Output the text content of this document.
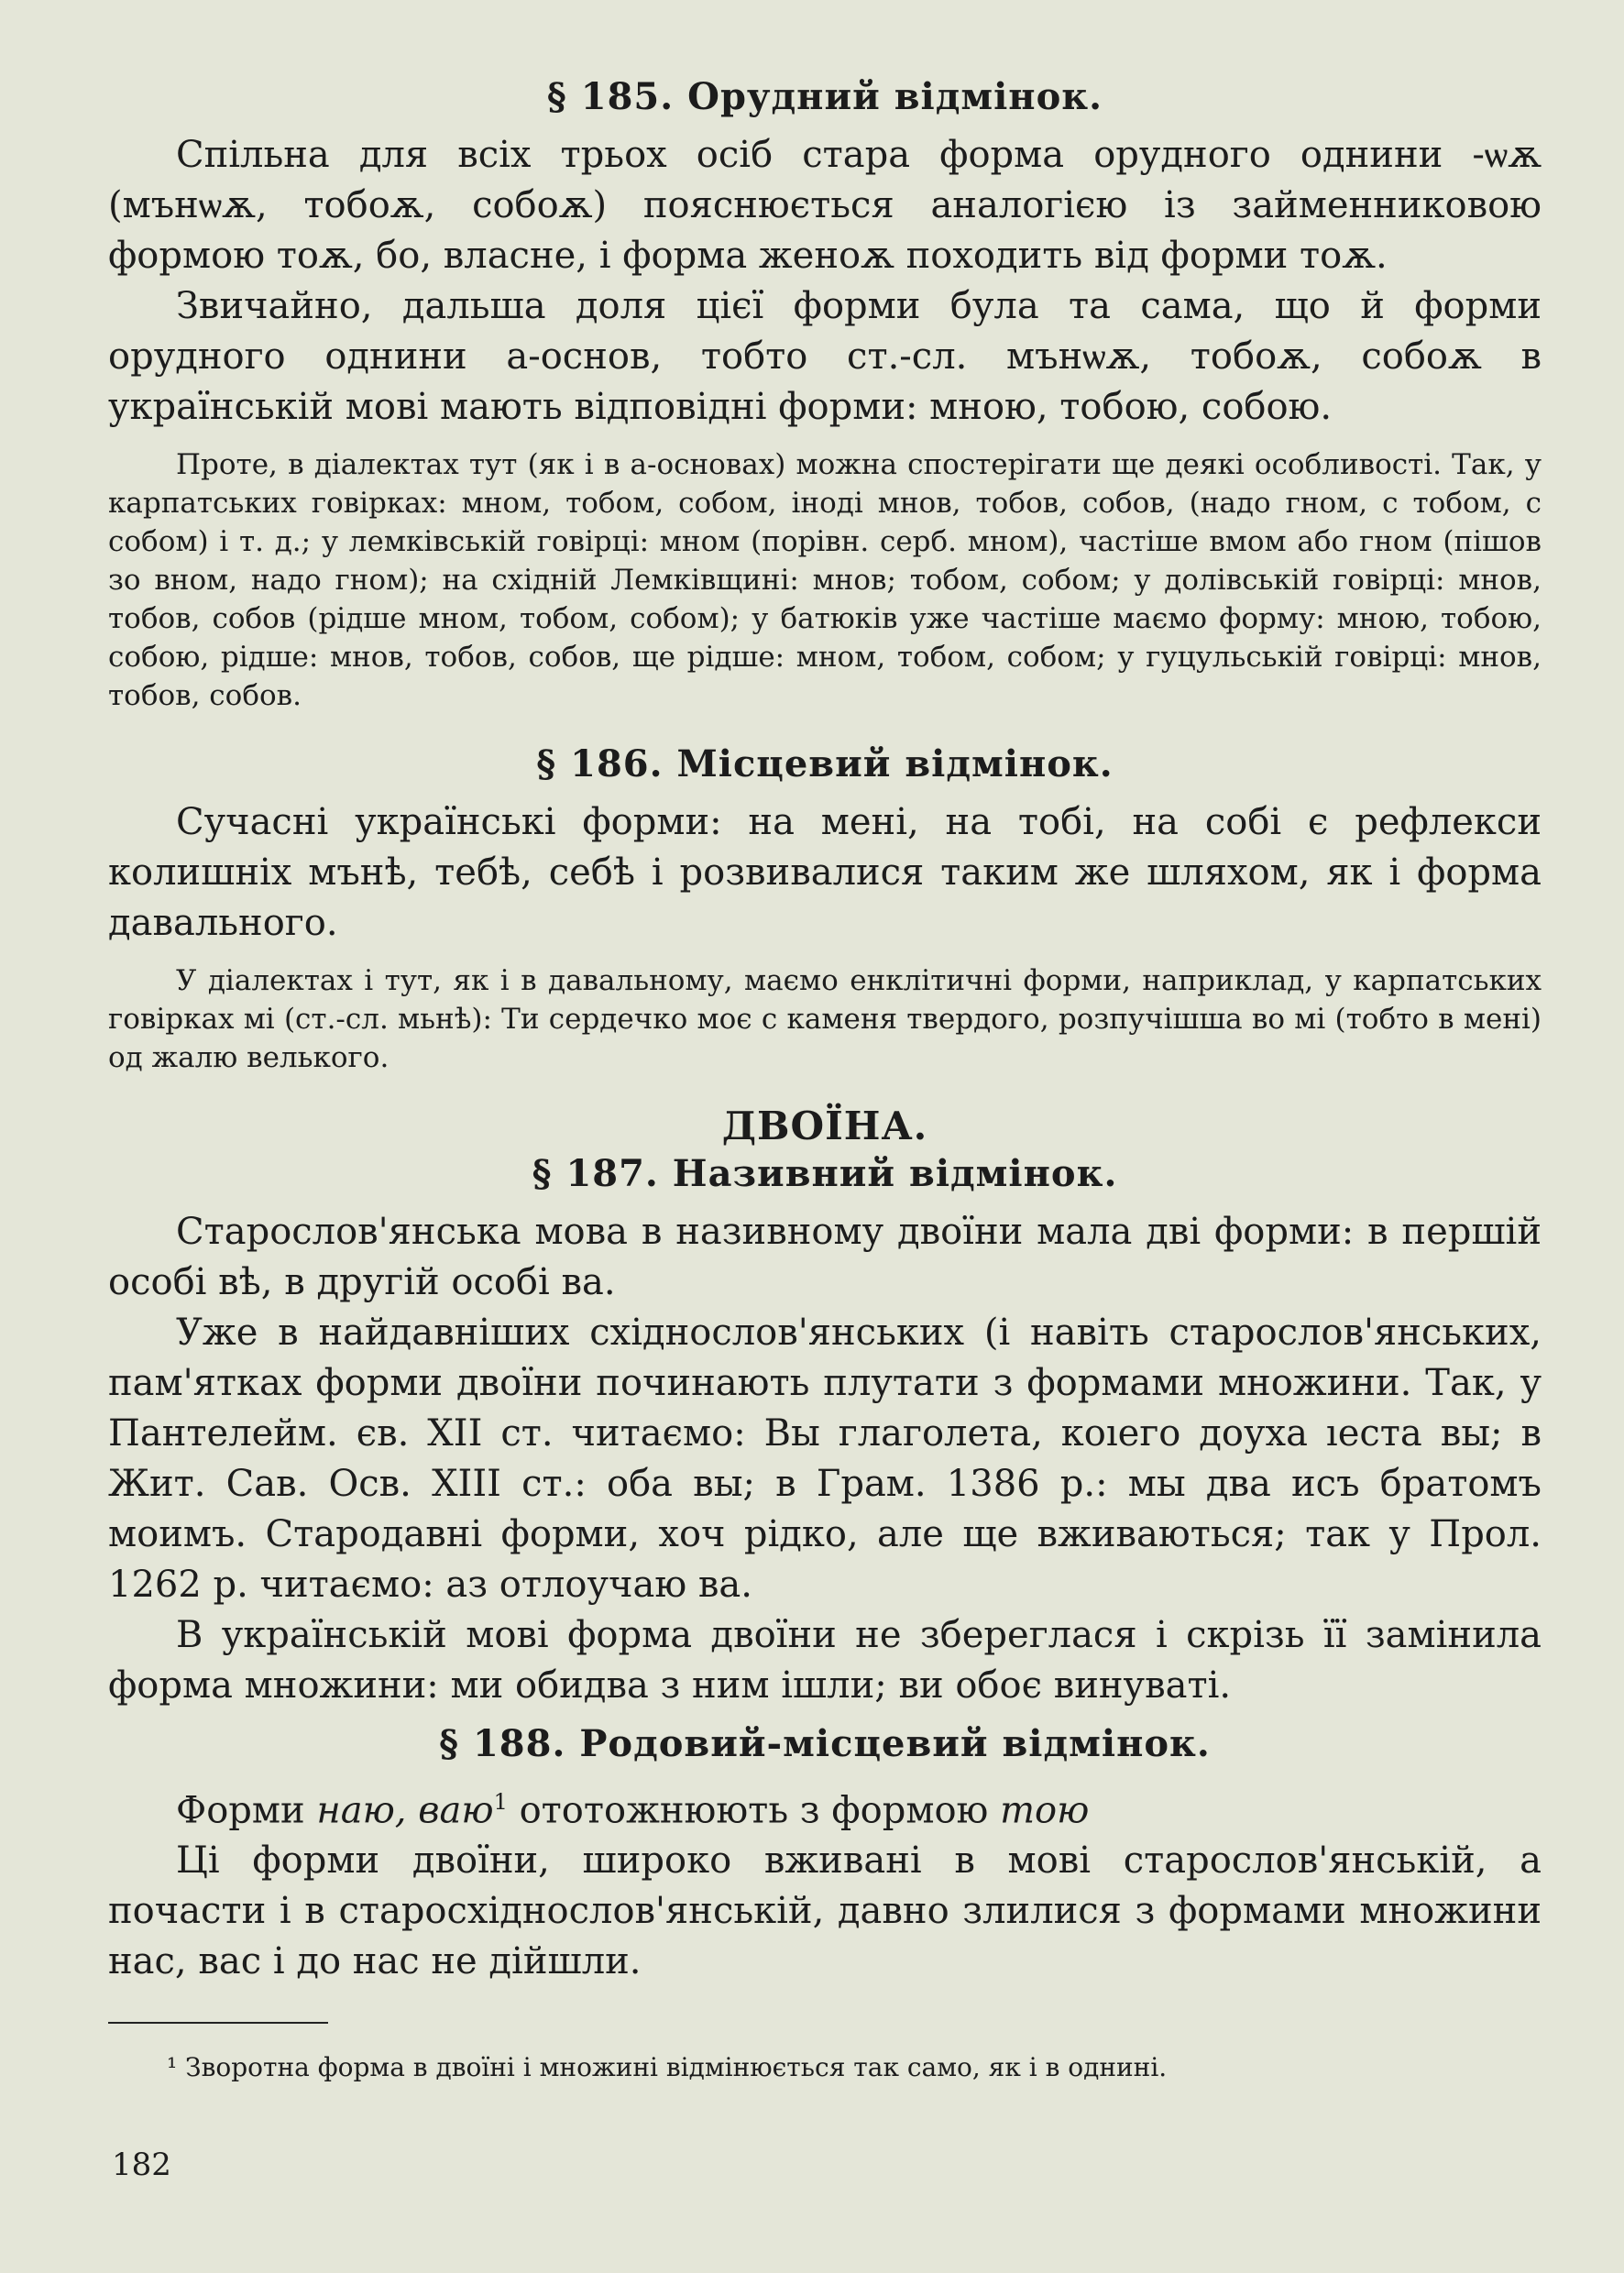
§ 185. Орудний відмінок.

Спільна для всіх трьох осіб стара форма орудного однини -ѡѫ (мънѡѫ, тобоѫ, собоѫ) пояснюється аналогією із займенниковою формою тоѫ, бо, власне, і форма женоѫ походить від форми тоѫ.

Звичайно, дальша доля цієї форми була та сама, що й форми орудного однини а-основ, тобто ст.-сл. мънѡѫ, тобоѫ, собоѫ в українській мові мають відповідні форми: мною, тобою, собою.

Проте, в діалектах тут (як і в а-основах) можна спостерігати ще деякі особливості. Так, у карпатських говірках: мном, тобом, собом, іноді мнов, тобов, собов, (надо гном, с тобом, с собом) і т. д.; у лемківській говірці: мном (порівн. серб. мном), частіше вмом або гном (пішов зо вном, надо гном); на східній Лемківщині: мнов; тобом, собом; у долівській говірці: мнов, тобов, собов (рідше мном, тобом, собом); у батюків уже частіше маємо форму: мною, тобою, собою, рідше: мнов, тобов, собов, ще рідше: мном, тобом, собом; у гуцульській говірці: мнов, тобов, собов.

§ 186. Місцевий відмінок.

Сучасні українські форми: на мені, на тобі, на собі є рефлекси колишніх мънѣ, тебѣ, себѣ і розвивалися таким же шляхом, як і форма давального.

У діалектах і тут, як і в давальному, маємо енклітичні форми, наприклад, у карпатських говірках мі (ст.-сл. мьнѣ): Ти сердечко моє с каменя твердого, розпучішша во мі (тобто в мені) од жалю велького.

ДВОЇНА.
§ 187. Називний відмінок.

Старослов'янська мова в називному двоїни мала дві форми: в першій особі вѣ, в другій особі ва.

Уже в найдавніших східнослов'янських (і навіть старослов'янських, пам'ятках форми двоїни починають плутати з формами множини. Так, у Пантелейм. єв. XII ст. читаємо: Вы глаголета, коıего доуха ıеста вы; в Жит. Сав. Осв. XIII ст.: оба вы; в Грам. 1386 р.: мы два исъ братомъ моимъ. Стародавні форми, хоч рідко, але ще вживаються; так у Прол. 1262 р. читаємо: аз отлоучаю ва.

В українській мові форма двоїни не збереглася і скрізь її замінила форма множини: ми обидва з ним ішли; ви обоє винуваті.

§ 188. Родовий-місцевий відмінок.

Форми наю, ваю$^1$ ототожнюють з формою тою

Ці форми двоїни, широко вживані в мові старослов'янській, а почасти і в старосхіднослов'янській, давно злилися з формами множини нас, вас і до нас не дійшли.

¹ Зворотна форма в двоїні і множині відмінюється так само, як і в однині.
182
